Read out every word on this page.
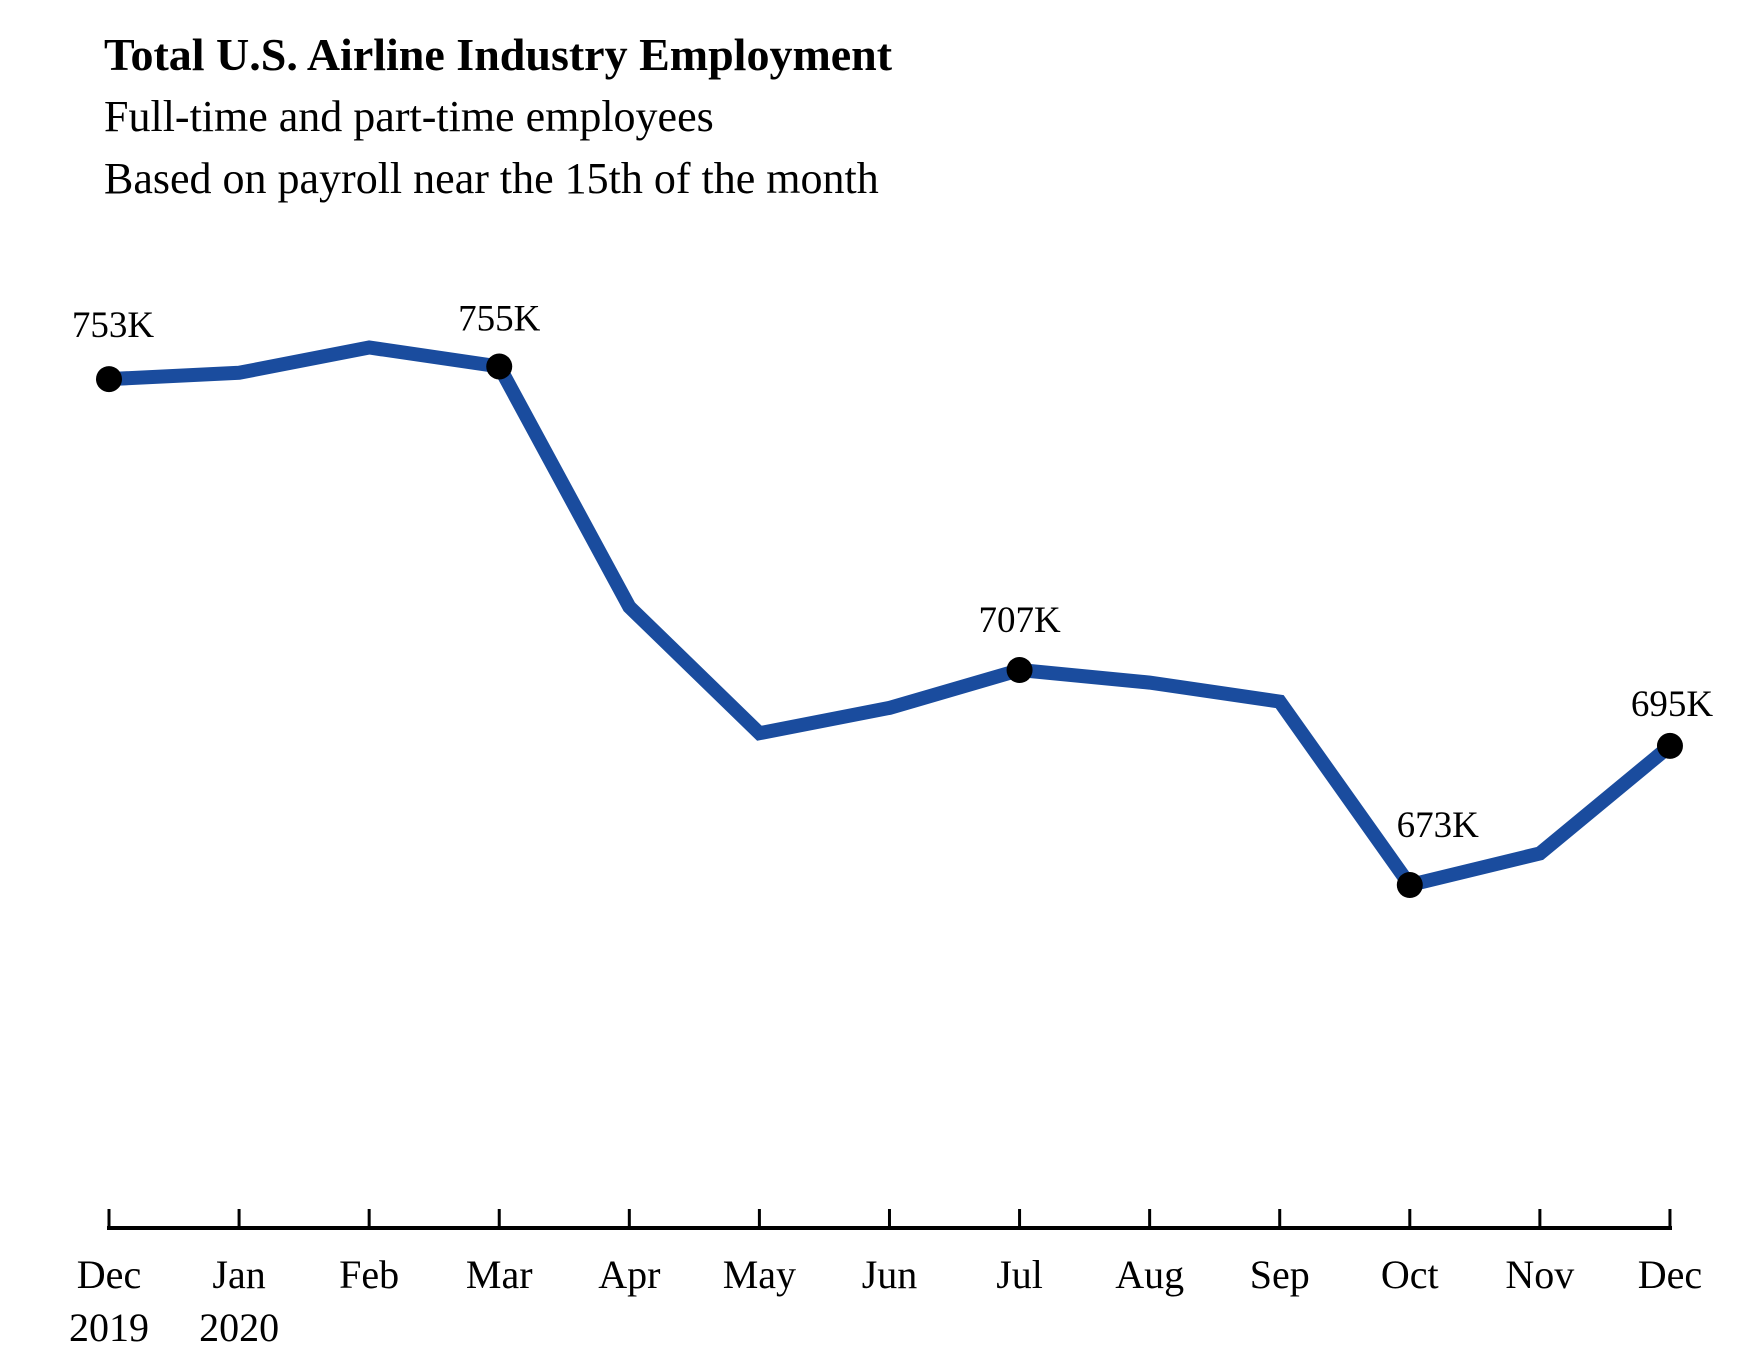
Total U.S. Airline Industry Employment
Full-time and part-time employees
Based on payroll near the 15th of the month
Dec Jan Feb Mar Apr May Jun Jul Aug Sep Oct Nov Dec
2019 2020
753K	755K
707K
673K
695K
